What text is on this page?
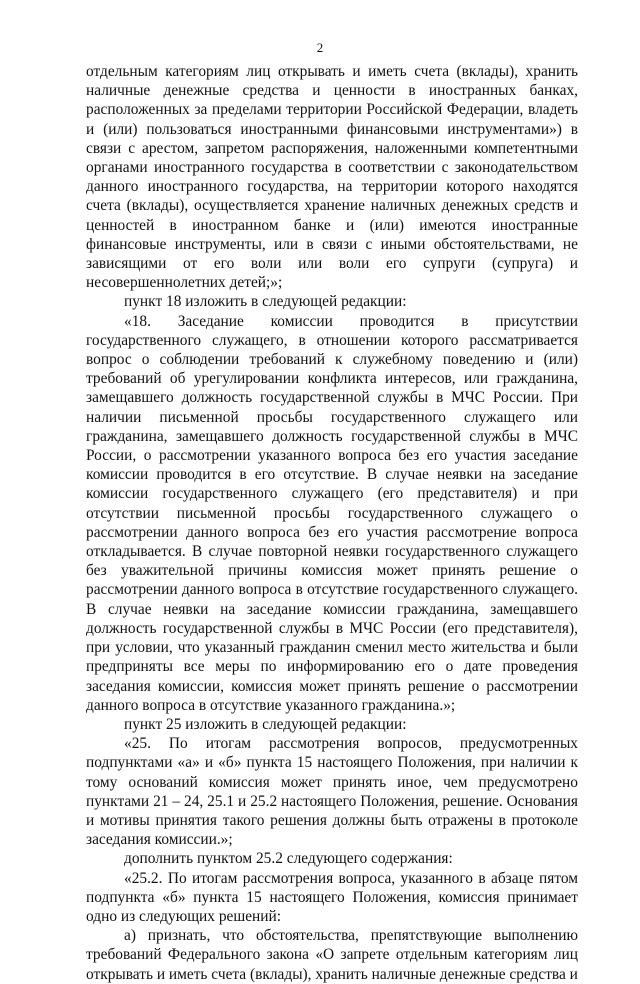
2

отдельным категориям лиц открывать и иметь счета (вклады), хранить наличные денежные средства и ценности в иностранных банках, расположенных за пределами территории Российской Федерации, владеть и (или) пользоваться иностранными финансовыми инструментами») в связи с арестом, запретом распоряжения, наложенными компетентными органами иностранного государства в соответствии с законодательством данного иностранного государства, на территории которого находятся счета (вклады), осуществляется хранение наличных денежных средств и ценностей в иностранном банке и (или) имеются иностранные финансовые инструменты, или в связи с иными обстоятельствами, не зависящими от его воли или воли его супруги (супруга) и несовершеннолетних детей;»;

пункт 18 изложить в следующей редакции:

«18. Заседание комиссии проводится в присутствии государственного служащего, в отношении которого рассматривается вопрос о соблюдении требований к служебному поведению и (или) требований об урегулировании конфликта интересов, или гражданина, замещавшего должность государственной службы в МЧС России. При наличии письменной просьбы государственного служащего или гражданина, замещавшего должность государственной службы в МЧС России, о рассмотрении указанного вопроса без его участия заседание комиссии проводится в его отсутствие. В случае неявки на заседание комиссии государственного служащего (его представителя) и при отсутствии письменной просьбы государственного служащего о рассмотрении данного вопроса без его участия рассмотрение вопроса откладывается. В случае повторной неявки государственного служащего без уважительной причины комиссия может принять решение о рассмотрении данного вопроса в отсутствие государственного служащего. В случае неявки на заседание комиссии гражданина, замещавшего должность государственной службы в МЧС России (его представителя), при условии, что указанный гражданин сменил место жительства и были предприняты все меры по информированию его о дате проведения заседания комиссии, комиссия может принять решение о рассмотрении данного вопроса в отсутствие указанного гражданина.»;

пункт 25 изложить в следующей редакции:

«25. По итогам рассмотрения вопросов, предусмотренных подпунктами «а» и «б» пункта 15 настоящего Положения, при наличии к тому оснований комиссия может принять иное, чем предусмотрено пунктами 21 – 24, 25.1 и 25.2 настоящего Положения, решение. Основания и мотивы принятия такого решения должны быть отражены в протоколе заседания комиссии.»;

дополнить пунктом 25.2 следующего содержания:

«25.2. По итогам рассмотрения вопроса, указанного в абзаце пятом подпункта «б» пункта 15 настоящего Положения, комиссия принимает одно из следующих решений:

а) признать, что обстоятельства, препятствующие выполнению требований Федерального закона «О запрете отдельным категориям лиц открывать и иметь счета (вклады), хранить наличные денежные средства и
